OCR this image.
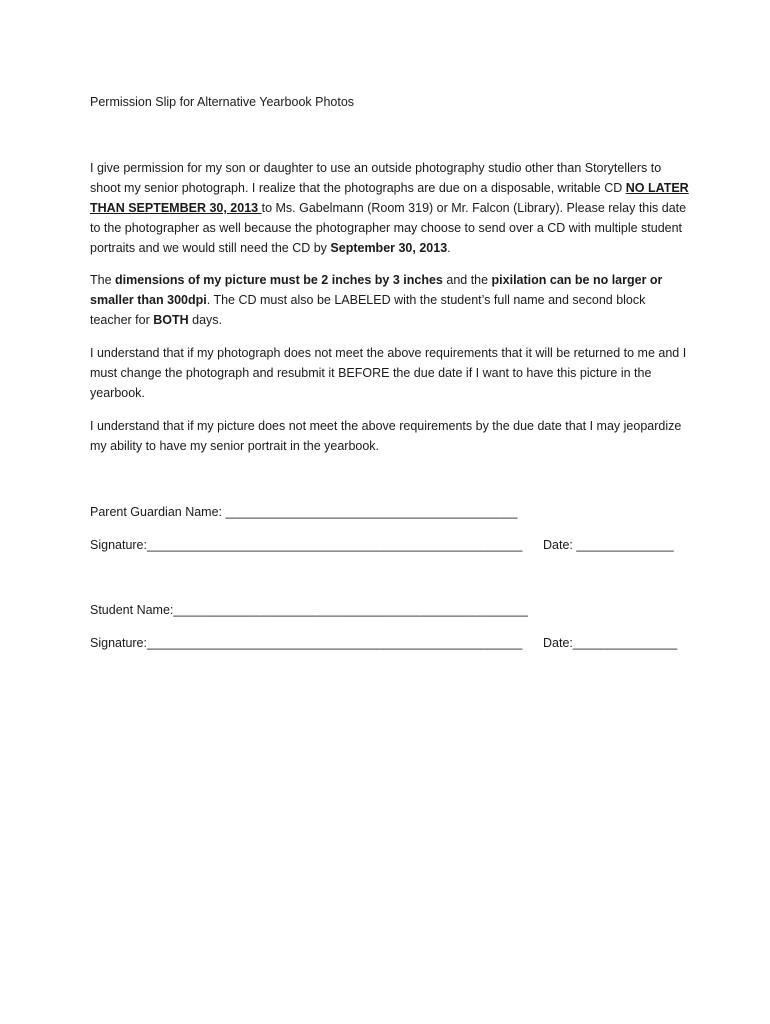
Permission Slip for Alternative Yearbook Photos

I give permission for my son or daughter to use an outside photography studio other than Storytellers to shoot my senior photograph. I realize that the photographs are due on a disposable, writable CD NO LATER THAN SEPTEMBER 30, 2013 to Ms. Gabelmann (Room 319) or Mr. Falcon (Library). Please relay this date to the photographer as well because the photographer may choose to send over a CD with multiple student portraits and we would still need the CD by September 30, 2013.

The dimensions of my picture must be 2 inches by 3 inches and the pixilation can be no larger or smaller than 300dpi. The CD must also be LABELED with the student’s full name and second block teacher for BOTH days.

I understand that if my photograph does not meet the above requirements that it will be returned to me and I must change the photograph and resubmit it BEFORE the due date if I want to have this picture in the yearbook.

I understand that if my picture does not meet the above requirements by the due date that I may jeopardize my ability to have my senior portrait in the yearbook.

Parent Guardian Name: __________________________________________
Signature:______________________________________________________ Date: ______________
Student Name:___________________________________________________
Signature:______________________________________________________ Date:_______________
